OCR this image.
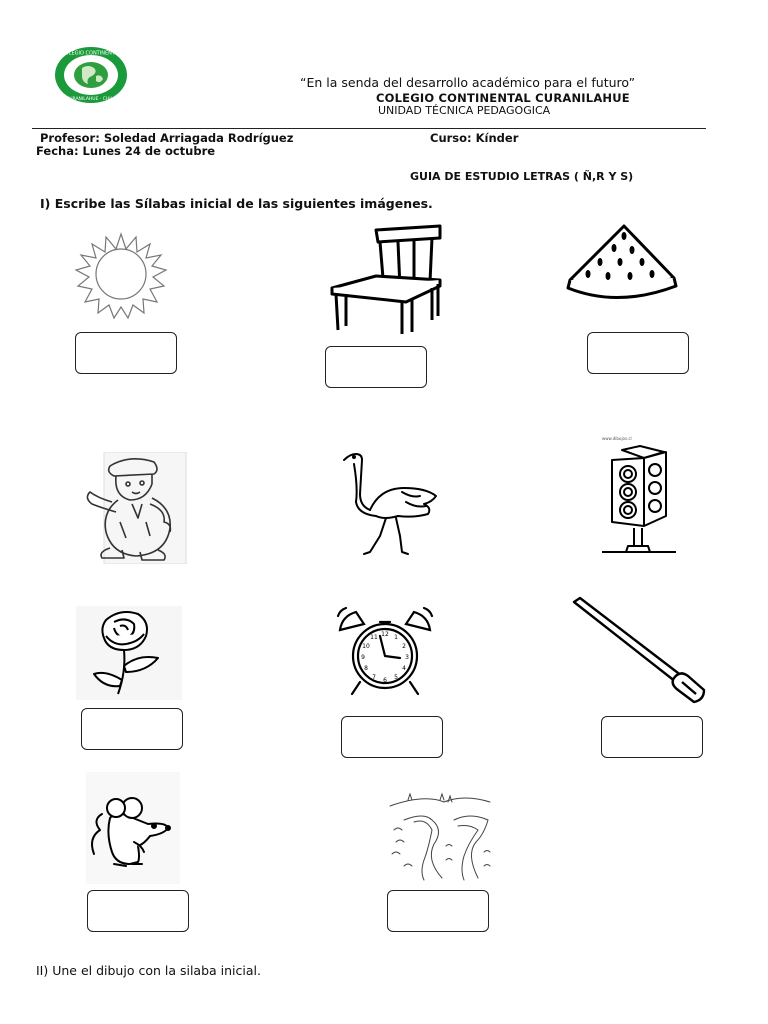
COLEGIO CONTINENTAL
CURANILAHUE · CHILE
“En la senda del desarrollo académico para el futuro”
COLEGIO CONTINENTAL CURANILAHUE
UNIDAD TÉCNICA PEDAGOGICA
Profesor: Soledad Arriagada Rodríguez	Curso: Kínder
Fecha: Lunes 24 de octubre
GUIA DE ESTUDIO LETRAS ( Ñ,R Y S)
I) Escribe las Sílabas inicial de las siguientes imágenes.
www.dibujos.cl
12 1
2
3
4
5
6
7
8
9
10
11
II) Une el dibujo con la silaba inicial.
